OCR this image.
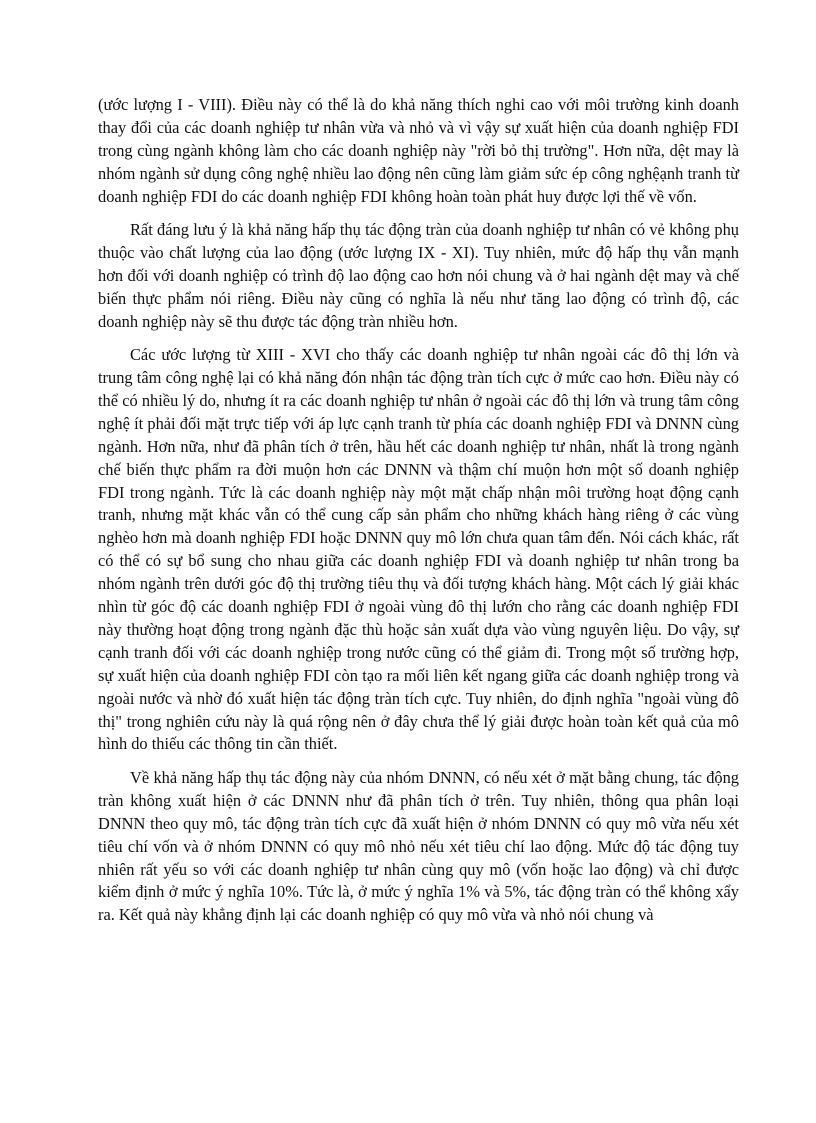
(ước lượng I - VIII). Điều này có thể là do khả năng thích nghi cao với môi trường kinh doanh thay đổi của các doanh nghiệp tư nhân vừa và nhỏ và vì vậy sự xuất hiện của doanh nghiệp FDI trong cùng ngành không làm cho các doanh nghiệp này "rời bỏ thị trường". Hơn nữa, dệt may là nhóm ngành sử dụng công nghệ nhiều lao động nên cũng làm giảm sức ép công nghệạnh tranh từ doanh nghiệp FDI do các doanh nghiệp FDI không hoàn toàn phát huy được lợi thế về vốn.

Rất đáng lưu ý là khả năng hấp thụ tác động tràn của doanh nghiệp tư nhân có vẻ không phụ thuộc vào chất lượng của lao động (ước lượng IX - XI). Tuy nhiên, mức độ hấp thụ vẫn mạnh hơn đối với doanh nghiệp có trình độ lao động cao hơn nói chung và ở hai ngành dệt may và chế biến thực phẩm nói riêng. Điều này cũng có nghĩa là nếu như tăng lao động có trình độ, các doanh nghiệp này sẽ thu được tác động tràn nhiều hơn.

Các ước lượng từ XIII - XVI cho thấy các doanh nghiệp tư nhân ngoài các đô thị lớn và trung tâm công nghệ lại có khả năng đón nhận tác động tràn tích cực ở mức cao hơn. Điều này có thể có nhiều lý do, nhưng ít ra các doanh nghiệp tư nhân ở ngoài các đô thị lớn và trung tâm công nghệ ít phải đối mặt trực tiếp với áp lực cạnh tranh từ phía các doanh nghiệp FDI và DNNN cùng ngành. Hơn nữa, như đã phân tích ở trên, hầu hết các doanh nghiệp tư nhân, nhất là trong ngành chế biến thực phẩm ra đời muộn hơn các DNNN và thậm chí muộn hơn một số doanh nghiệp FDI trong ngành. Tức là các doanh nghiệp này một mặt chấp nhận môi trường hoạt động cạnh tranh, nhưng mặt khác vẫn có thể cung cấp sản phẩm cho những khách hàng riêng ở các vùng nghèo hơn mà doanh nghiệp FDI hoặc DNNN quy mô lớn chưa quan tâm đến. Nói cách khác, rất có thể có sự bổ sung cho nhau giữa các doanh nghiệp FDI và doanh nghiệp tư nhân trong ba nhóm ngành trên dưới góc độ thị trường tiêu thụ và đối tượng khách hàng. Một cách lý giải khác nhìn từ góc độ các doanh nghiệp FDI ở ngoài vùng đô thị lướn cho rằng các doanh nghiệp FDI này thường hoạt động trong ngành đặc thù hoặc sản xuất dựa vào vùng nguyên liệu. Do vậy, sự cạnh tranh đối với các doanh nghiệp trong nước cũng có thể giảm đi. Trong một số trường hợp, sự xuất hiện của doanh nghiệp FDI còn tạo ra mối liên kết ngang giữa các doanh nghiệp trong và ngoài nước và nhờ đó xuất hiện tác động tràn tích cực. Tuy nhiên, do định nghĩa "ngoài vùng đô thị" trong nghiên cứu này là quá rộng nên ở đây chưa thể lý giải được hoàn toàn kết quả của mô hình do thiếu các thông tin cần thiết.

Về khả năng hấp thụ tác động này của nhóm DNNN, có nếu xét ở mặt bằng chung, tác động tràn không xuất hiện ở các DNNN như đã phân tích ở trên. Tuy nhiên, thông qua phân loại DNNN theo quy mô, tác động tràn tích cực đã xuất hiện ở nhóm DNNN có quy mô vừa nếu xét tiêu chí vốn và ở nhóm DNNN có quy mô nhỏ nếu xét tiêu chí lao động. Mức độ tác động tuy nhiên rất yếu so với các doanh nghiệp tư nhân cùng quy mô (vốn hoặc lao động) và chỉ được kiểm định ở mức ý nghĩa 10%. Tức là, ở mức ý nghĩa 1% và 5%, tác động tràn có thể không xẩy ra. Kết quả này khẳng định lại các doanh nghiệp có quy mô vừa và nhỏ nói chung và
